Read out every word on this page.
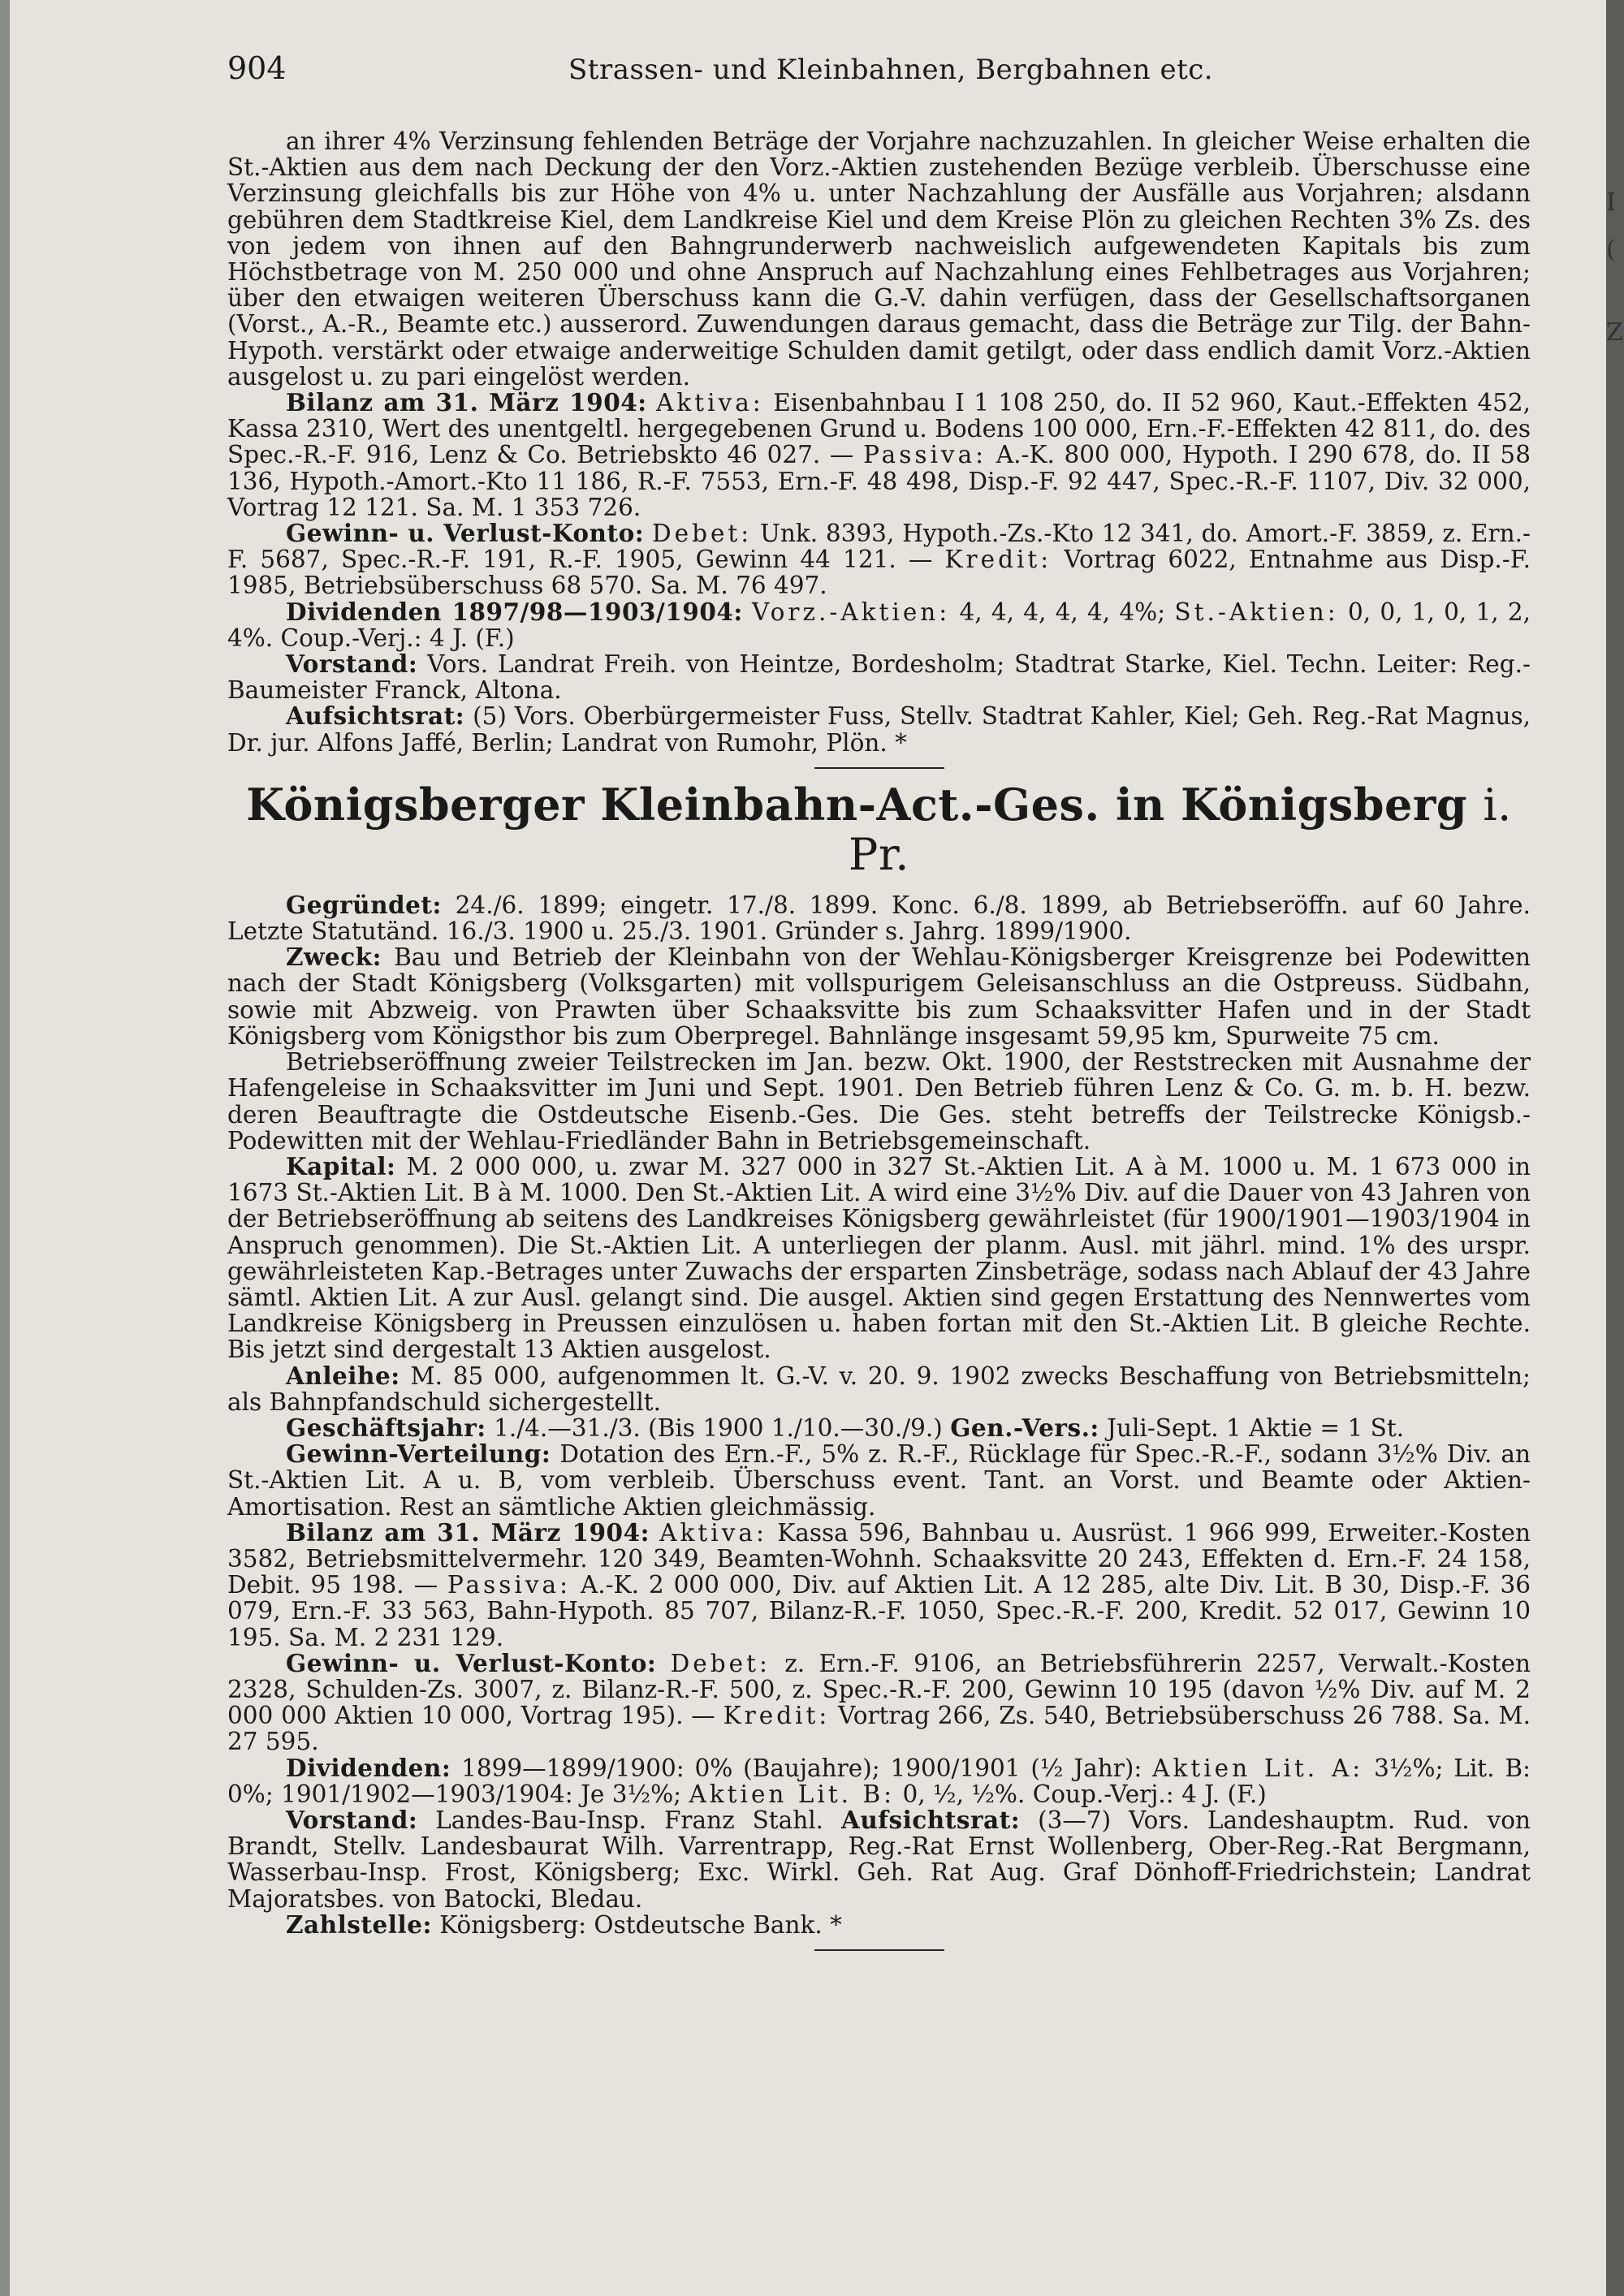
I
(
Z
904	Strassen- und Kleinbahnen, Bergbahnen etc.

an ihrer 4% Verzinsung fehlenden Beträge der Vorjahre nachzuzahlen. In gleicher Weise erhalten die St.-Aktien aus dem nach Deckung der den Vorz.-Aktien zustehenden Bezüge verbleib. Überschusse eine Verzinsung gleichfalls bis zur Höhe von 4% u. unter Nachzahlung der Ausfälle aus Vorjahren; alsdann gebühren dem Stadtkreise Kiel, dem Landkreise Kiel und dem Kreise Plön zu gleichen Rechten 3% Zs. des von jedem von ihnen auf den Bahngrunderwerb nachweislich aufgewendeten Kapitals bis zum Höchstbetrage von M. 250 000 und ohne Anspruch auf Nachzahlung eines Fehlbetrages aus Vorjahren; über den etwaigen weiteren Überschuss kann die G.-V. dahin verfügen, dass der Gesellschaftsorganen (Vorst., A.-R., Beamte etc.) ausserord. Zuwendungen daraus gemacht, dass die Beträge zur Tilg. der Bahn-Hypoth. verstärkt oder etwaige anderweitige Schulden damit getilgt, oder dass endlich damit Vorz.-Aktien ausgelost u. zu pari eingelöst werden.

Bilanz am 31. März 1904: Aktiva: Eisenbahnbau I 1 108 250, do. II 52 960, Kaut.-Effekten 452, Kassa 2310, Wert des unentgeltl. hergegebenen Grund u. Bodens 100 000, Ern.-F.-Effekten 42 811, do. des Spec.-R.-F. 916, Lenz & Co. Betriebskto 46 027. — Passiva: A.-K. 800 000, Hypoth. I 290 678, do. II 58 136, Hypoth.-Amort.-Kto 11 186, R.-F. 7553, Ern.-F. 48 498, Disp.-F. 92 447, Spec.-R.-F. 1107, Div. 32 000, Vortrag 12 121. Sa. M. 1 353 726.

Gewinn- u. Verlust-Konto: Debet: Unk. 8393, Hypoth.-Zs.-Kto 12 341, do. Amort.-F. 3859, z. Ern.-F. 5687, Spec.-R.-F. 191, R.-F. 1905, Gewinn 44 121. — Kredit: Vortrag 6022, Entnahme aus Disp.-F. 1985, Betriebsüberschuss 68 570. Sa. M. 76 497.

Dividenden 1897/98—1903/1904: Vorz.-Aktien: 4, 4, 4, 4, 4, 4%; St.-Aktien: 0, 0, 1, 0, 1, 2, 4%. Coup.-Verj.: 4 J. (F.)

Vorstand: Vors. Landrat Freih. von Heintze, Bordesholm; Stadtrat Starke, Kiel. Techn. Leiter: Reg.-Baumeister Franck, Altona.

Aufsichtsrat: (5) Vors. Oberbürgermeister Fuss, Stellv. Stadtrat Kahler, Kiel; Geh. Reg.-Rat Magnus, Dr. jur. Alfons Jaffé, Berlin; Landrat von Rumohr, Plön. *

Königsberger Kleinbahn-Act.-Ges. in Königsberg i. Pr.

Gegründet: 24./6. 1899; eingetr. 17./8. 1899. Konc. 6./8. 1899, ab Betriebseröffn. auf 60 Jahre. Letzte Statutänd. 16./3. 1900 u. 25./3. 1901. Gründer s. Jahrg. 1899/1900.

Zweck: Bau und Betrieb der Kleinbahn von der Wehlau-Königsberger Kreisgrenze bei Podewitten nach der Stadt Königsberg (Volksgarten) mit vollspurigem Geleisanschluss an die Ostpreuss. Südbahn, sowie mit Abzweig. von Prawten über Schaaksvitte bis zum Schaaksvitter Hafen und in der Stadt Königsberg vom Königsthor bis zum Oberpregel. Bahnlänge insgesamt 59,95 km, Spurweite 75 cm.

Betriebseröffnung zweier Teilstrecken im Jan. bezw. Okt. 1900, der Reststrecken mit Ausnahme der Hafengeleise in Schaaksvitter im Juni und Sept. 1901. Den Betrieb führen Lenz & Co. G. m. b. H. bezw. deren Beauftragte die Ostdeutsche Eisenb.-Ges. Die Ges. steht betreffs der Teilstrecke Königsb.-Podewitten mit der Wehlau-Friedländer Bahn in Betriebsgemeinschaft.

Kapital: M. 2 000 000, u. zwar M. 327 000 in 327 St.-Aktien Lit. A à M. 1000 u. M. 1 673 000 in 1673 St.-Aktien Lit. B à M. 1000. Den St.-Aktien Lit. A wird eine 3½% Div. auf die Dauer von 43 Jahren von der Betriebseröffnung ab seitens des Landkreises Königsberg gewährleistet (für 1900/1901—1903/1904 in Anspruch genommen). Die St.-Aktien Lit. A unterliegen der planm. Ausl. mit jährl. mind. 1% des urspr. gewährleisteten Kap.-Betrages unter Zuwachs der ersparten Zinsbeträge, sodass nach Ablauf der 43 Jahre sämtl. Aktien Lit. A zur Ausl. gelangt sind. Die ausgel. Aktien sind gegen Erstattung des Nennwertes vom Landkreise Königsberg in Preussen einzulösen u. haben fortan mit den St.-Aktien Lit. B gleiche Rechte. Bis jetzt sind dergestalt 13 Aktien ausgelost.

Anleihe: M. 85 000, aufgenommen lt. G.-V. v. 20. 9. 1902 zwecks Beschaffung von Betriebsmitteln; als Bahnpfandschuld sichergestellt.

Geschäftsjahr: 1./4.—31./3. (Bis 1900 1./10.—30./9.) Gen.-Vers.: Juli-Sept. 1 Aktie = 1 St.

Gewinn-Verteilung: Dotation des Ern.-F., 5% z. R.-F., Rücklage für Spec.-R.-F., sodann 3½% Div. an St.-Aktien Lit. A u. B, vom verbleib. Überschuss event. Tant. an Vorst. und Beamte oder Aktien-Amortisation. Rest an sämtliche Aktien gleichmässig.

Bilanz am 31. März 1904: Aktiva: Kassa 596, Bahnbau u. Ausrüst. 1 966 999, Erweiter.-Kosten 3582, Betriebsmittelvermehr. 120 349, Beamten-Wohnh. Schaaksvitte 20 243, Effekten d. Ern.-F. 24 158, Debit. 95 198. — Passiva: A.-K. 2 000 000, Div. auf Aktien Lit. A 12 285, alte Div. Lit. B 30, Disp.-F. 36 079, Ern.-F. 33 563, Bahn-Hypoth. 85 707, Bilanz-R.-F. 1050, Spec.-R.-F. 200, Kredit. 52 017, Gewinn 10 195. Sa. M. 2 231 129.

Gewinn- u. Verlust-Konto: Debet: z. Ern.-F. 9106, an Betriebsführerin 2257, Verwalt.-Kosten 2328, Schulden-Zs. 3007, z. Bilanz-R.-F. 500, z. Spec.-R.-F. 200, Gewinn 10 195 (davon ½% Div. auf M. 2 000 000 Aktien 10 000, Vortrag 195). — Kredit: Vortrag 266, Zs. 540, Betriebsüberschuss 26 788. Sa. M. 27 595.

Dividenden: 1899—1899/1900: 0% (Baujahre); 1900/1901 (½ Jahr): Aktien Lit. A: 3½%; Lit. B: 0%; 1901/1902—1903/1904: Je 3½%; Aktien Lit. B: 0, ½, ½%. Coup.-Verj.: 4 J. (F.)

Vorstand: Landes-Bau-Insp. Franz Stahl. Aufsichtsrat: (3—7) Vors. Landeshauptm. Rud. von Brandt, Stellv. Landesbaurat Wilh. Varrentrapp, Reg.-Rat Ernst Wollenberg, Ober-Reg.-Rat Bergmann, Wasserbau-Insp. Frost, Königsberg; Exc. Wirkl. Geh. Rat Aug. Graf Dönhoff-Friedrichstein; Landrat Majoratsbes. von Batocki, Bledau.

Zahlstelle: Königsberg: Ostdeutsche Bank. *
